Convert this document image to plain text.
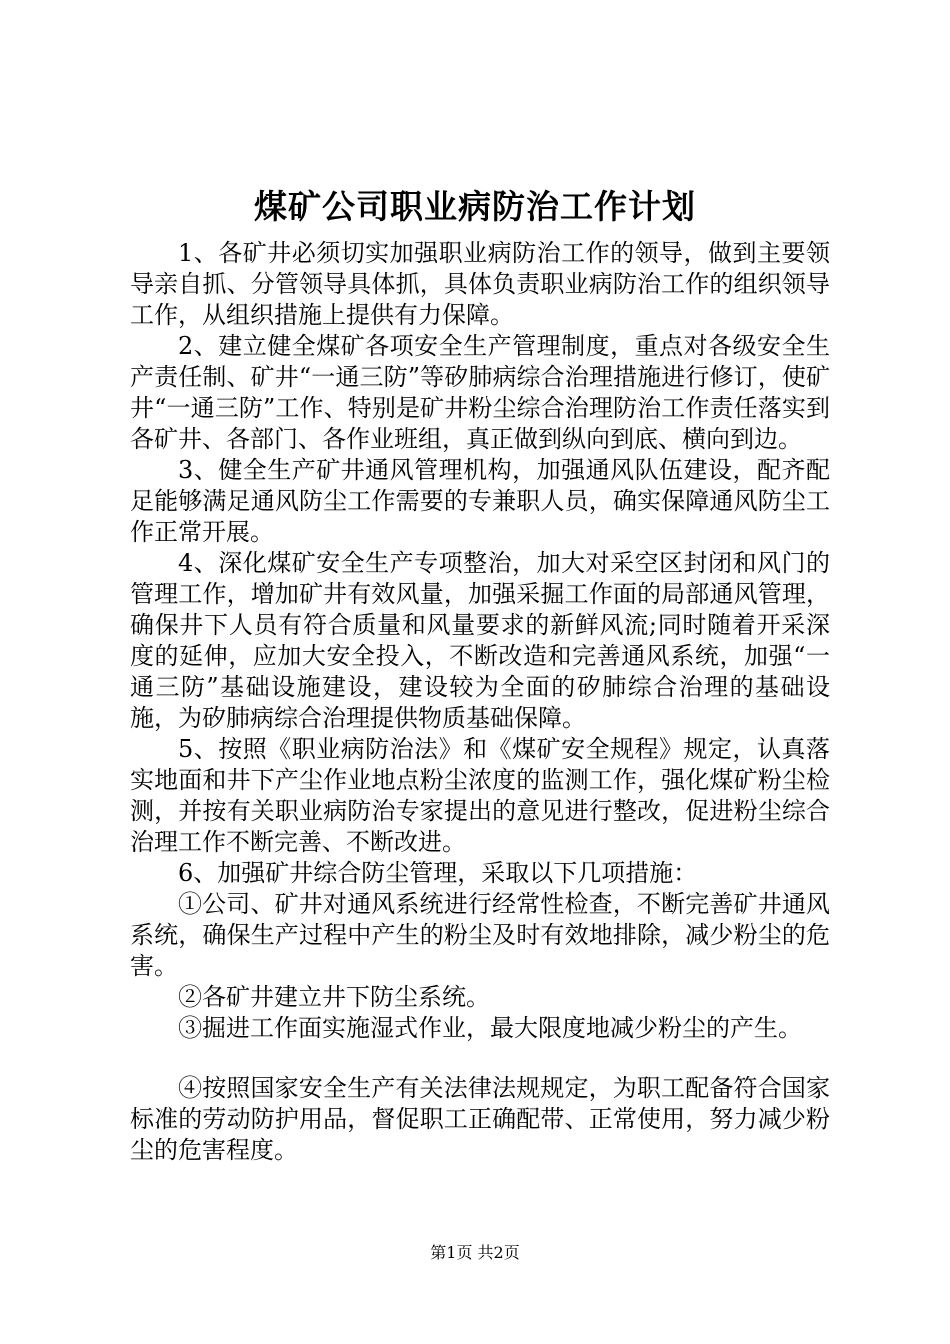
煤矿公司职业病防治工作计划

1、各矿井必须切实加强职业病防治工作的领导，做到主要领导亲自抓、分管领导具体抓，具体负责职业病防治工作的组织领导工作，从组织措施上提供有力保障。

2、建立健全煤矿各项安全生产管理制度，重点对各级安全生产责任制、矿井“一通三防”等矽肺病综合治理措施进行修订，使矿井“一通三防”工作、特别是矿井粉尘综合治理防治工作责任落实到各矿井、各部门、各作业班组，真正做到纵向到底、横向到边。

3、健全生产矿井通风管理机构，加强通风队伍建设，配齐配足能够满足通风防尘工作需要的专兼职人员，确实保障通风防尘工作正常开展。

4、深化煤矿安全生产专项整治，加大对采空区封闭和风门的管理工作，增加矿井有效风量，加强采掘工作面的局部通风管理，确保井下人员有符合质量和风量要求的新鲜风流;同时随着开采深度的延伸，应加大安全投入，不断改造和完善通风系统，加强“一通三防”基础设施建设，建设较为全面的矽肺综合治理的基础设施，为矽肺病综合治理提供物质基础保障。

5、按照《职业病防治法》和《煤矿安全规程》规定，认真落实地面和井下产尘作业地点粉尘浓度的监测工作，强化煤矿粉尘检测，并按有关职业病防治专家提出的意见进行整改，促进粉尘综合治理工作不断完善、不断改进。

6、加强矿井综合防尘管理，采取以下几项措施：

①公司、矿井对通风系统进行经常性检查，不断完善矿井通风系统，确保生产过程中产生的粉尘及时有效地排除，减少粉尘的危害。

②各矿井建立井下防尘系统。

③掘进工作面实施湿式作业，最大限度地减少粉尘的产生。

④按照国家安全生产有关法律法规规定，为职工配备符合国家标准的劳动防护用品，督促职工正确配带、正常使用，努力减少粉尘的危害程度。

第1页 共2页
